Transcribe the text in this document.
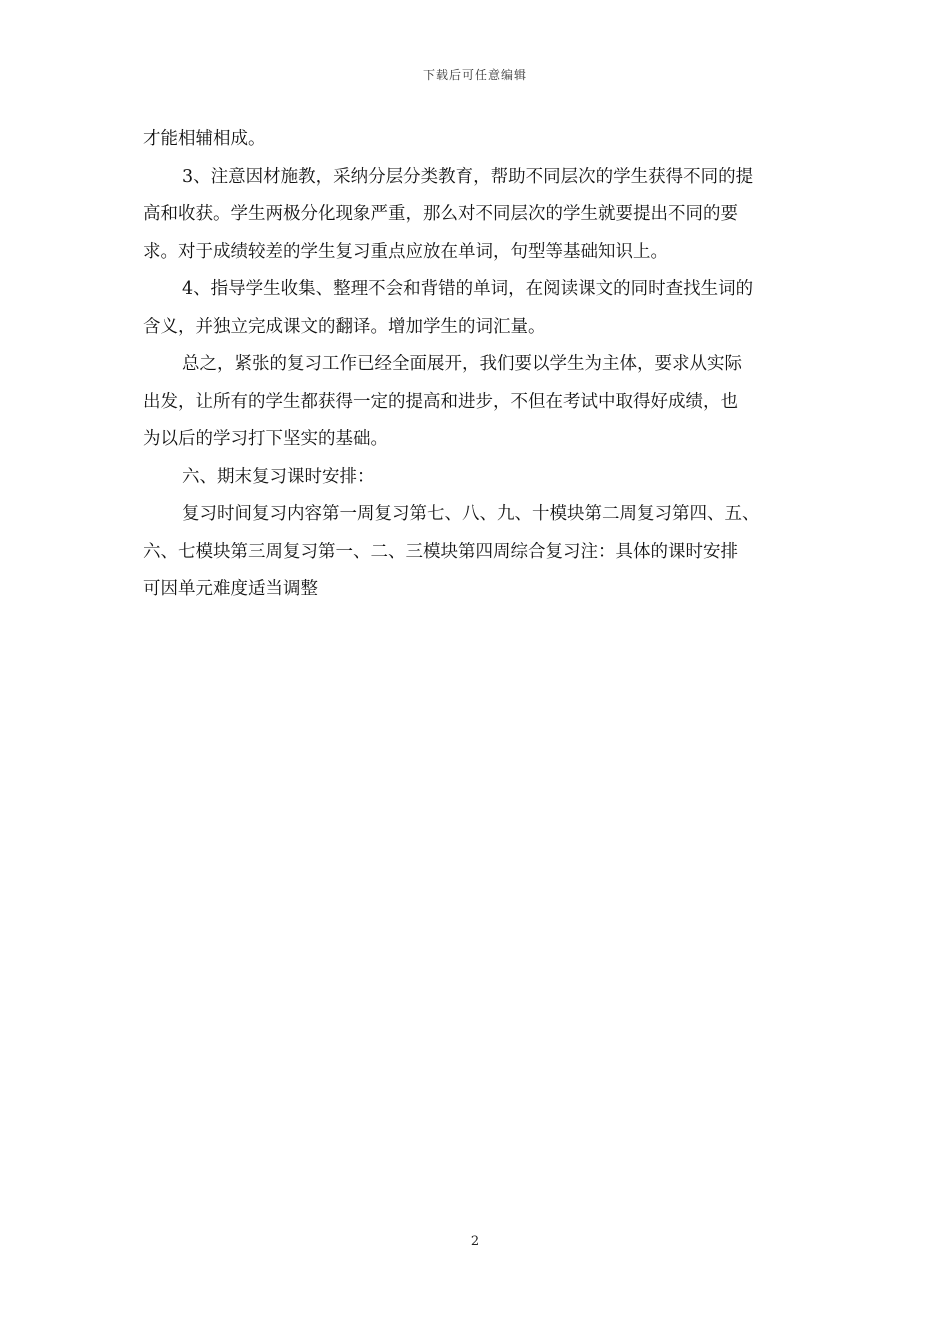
下载后可任意编辑
才能相辅相成。
3、注意因材施教，采纳分层分类教育，帮助不同层次的学生获得不同的提
高和收获。学生两极分化现象严重，那么对不同层次的学生就要提出不同的要
求。对于成绩较差的学生复习重点应放在单词，句型等基础知识上。
4、指导学生收集、整理不会和背错的单词，在阅读课文的同时查找生词的
含义，并独立完成课文的翻译。增加学生的词汇量。
总之，紧张的复习工作已经全面展开，我们要以学生为主体，要求从实际
出发，让所有的学生都获得一定的提高和进步，不但在考试中取得好成绩，也
为以后的学习打下坚实的基础。
六、期末复习课时安排：
复习时间复习内容第一周复习第七、八、九、十模块第二周复习第四、五、
六、七模块第三周复习第一、二、三模块第四周综合复习注：具体的课时安排
可因单元难度适当调整
2
